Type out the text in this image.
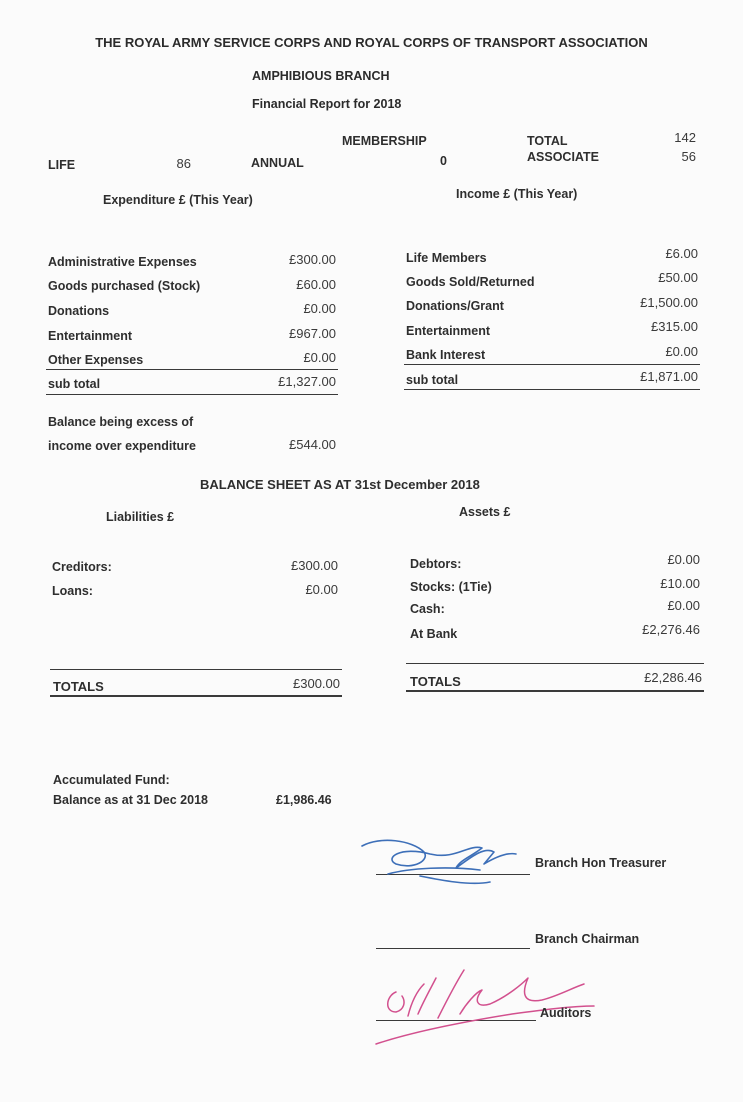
THE ROYAL ARMY SERVICE CORPS AND ROYAL CORPS OF TRANSPORT ASSOCIATION
AMPHIBIOUS BRANCH
Financial Report for 2018
MEMBERSHIP
LIFE	86	ANNUAL	0
TOTAL	142
ASSOCIATE	56
Expenditure £ (This Year)	Income £ (This Year)
Administrative Expenses	£300.00
Goods purchased (Stock)	£60.00
Donations	£0.00
Entertainment	£967.00
Other Expenses	£0.00
sub total	£1,327.00
Life Members	£6.00
Goods Sold/Returned	£50.00
Donations/Grant	£1,500.00
Entertainment	£315.00
Bank Interest	£0.00
sub total	£1,871.00
Balance being excess of
income over expenditure	£544.00
BALANCE SHEET AS AT 31st December 2018
Liabilities £	Assets £
Creditors:	£300.00
Loans:	£0.00
TOTALS	£300.00
Debtors:	£0.00
Stocks: (1Tie)	£10.00
Cash:	£0.00
At Bank	£2,276.46
TOTALS	£2,286.46
Accumulated Fund:
Balance as at 31 Dec 2018	£1,986.46
Branch Hon Treasurer
Branch Chairman
Auditors
